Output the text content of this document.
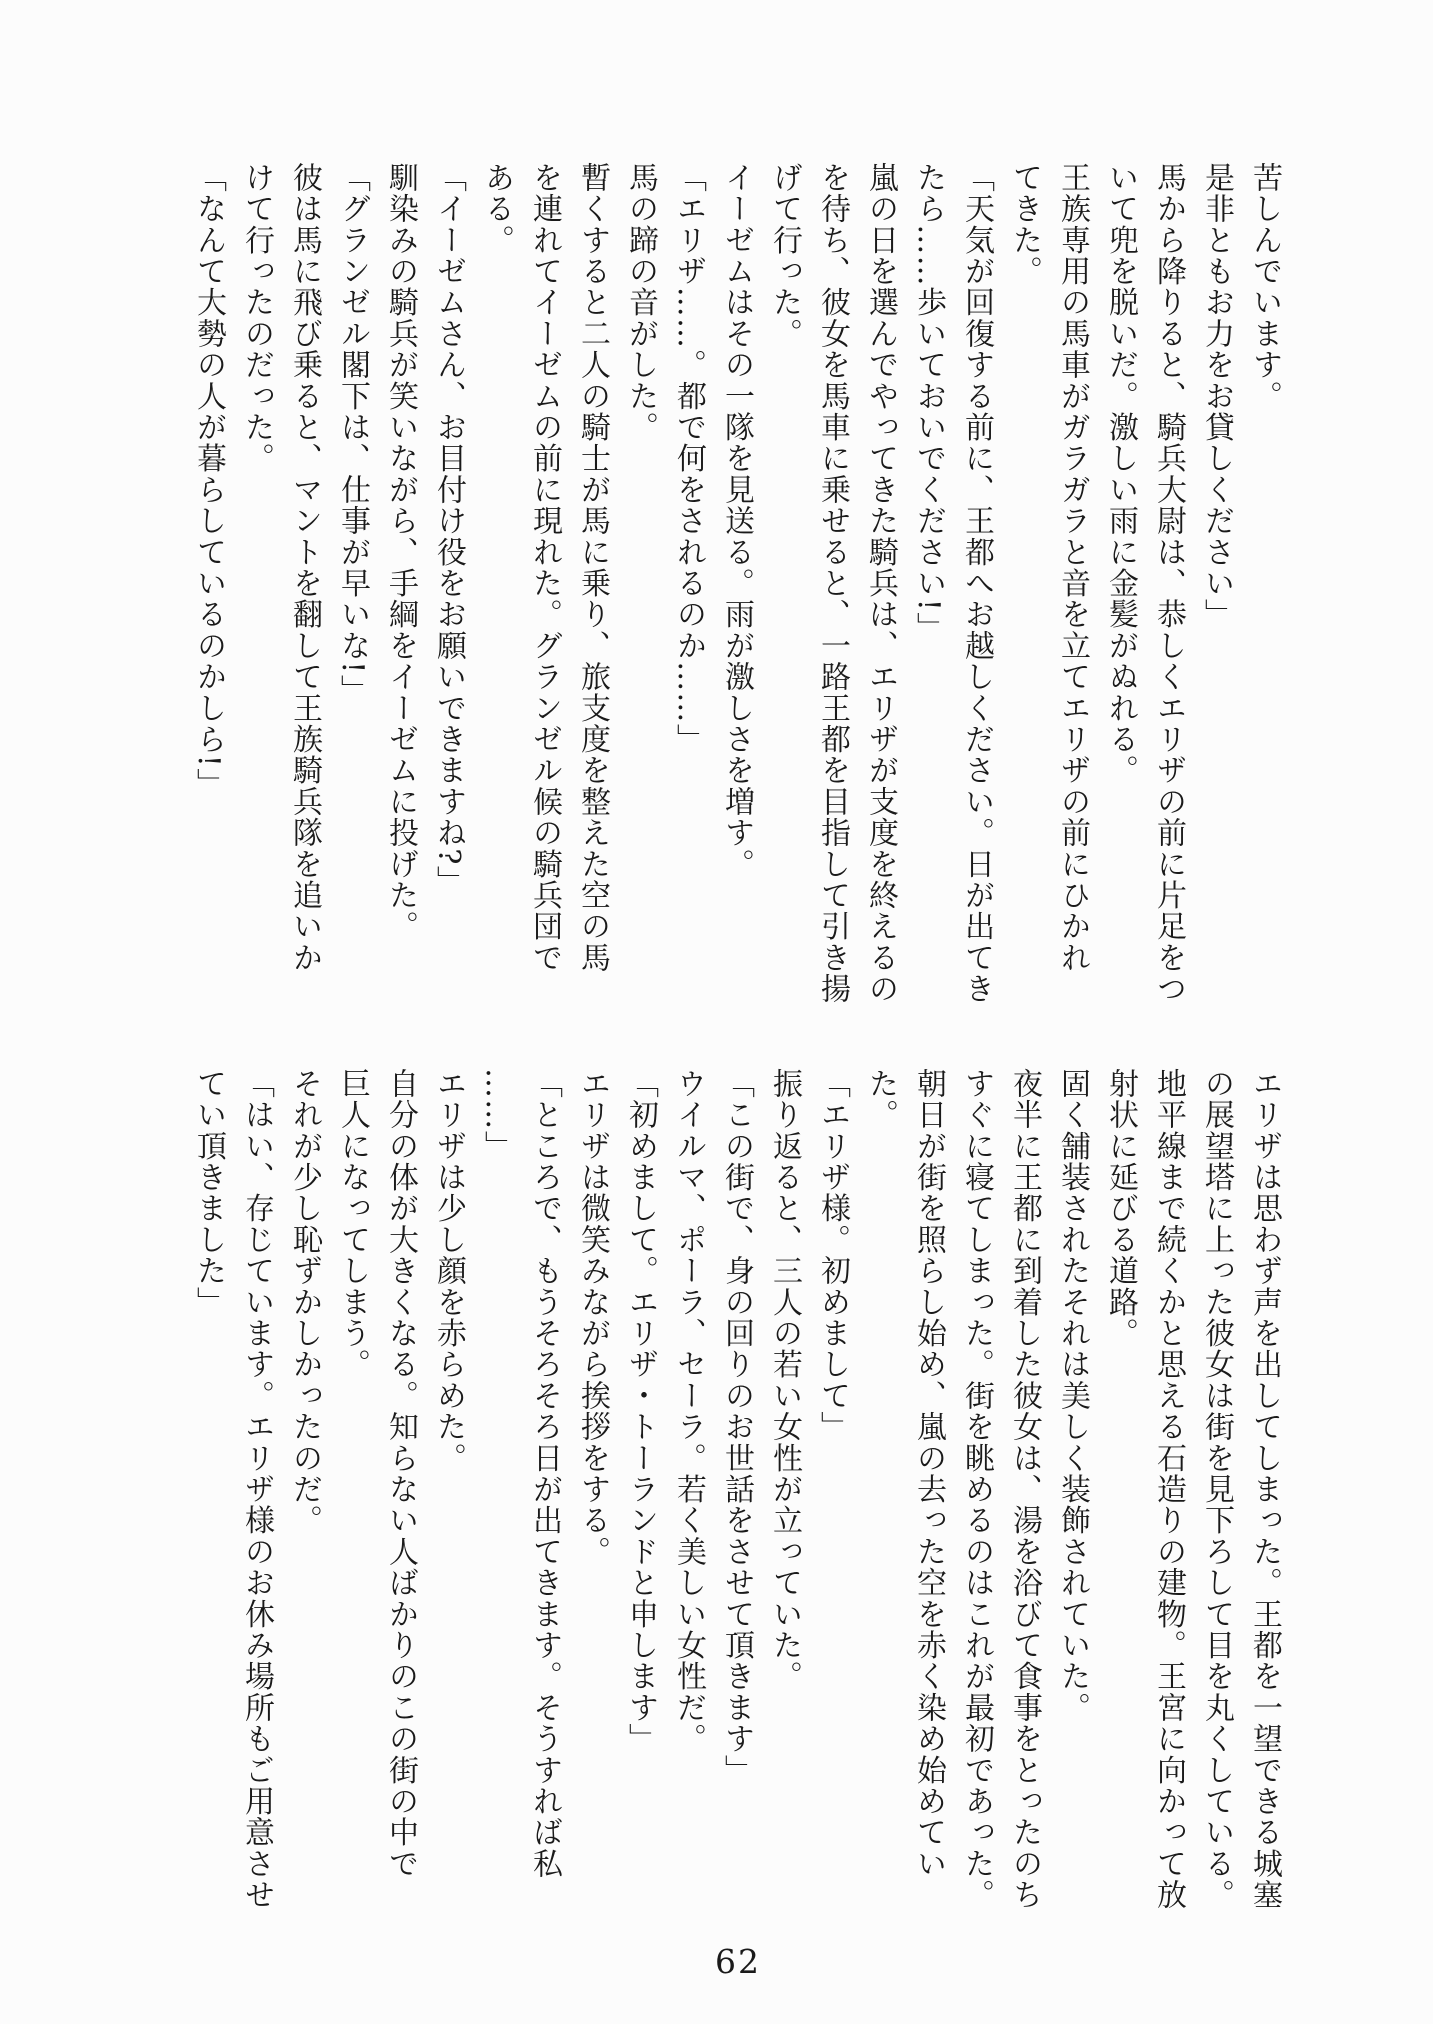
苦しんでいます。
是非ともお力をお貸しください」
馬から降りると、騎兵大尉は、恭しくエリザの前に片足をつ
いて兜を脱いだ。激しい雨に金髪がぬれる。
王族専用の馬車がガラガラと音を立てエリザの前にひかれ
てきた。
「天気が回復する前に、王都へお越しください。日が出てき
たら……歩いておいでください!」
嵐の日を選んでやってきた騎兵は、エリザが支度を終えるの
を待ち、彼女を馬車に乗せると、一路王都を目指して引き揚
げて行った。
イーゼムはその一隊を見送る。雨が激しさを増す。
「エリザ……。都で何をされるのか……」
馬の蹄の音がした。
暫くすると二人の騎士が馬に乗り、旅支度を整えた空の馬
を連れてイーゼムの前に現れた。グランゼル候の騎兵団で
ある。
「イーゼムさん、お目付け役をお願いできますね?」
馴染みの騎兵が笑いながら、手綱をイーゼムに投げた。
「グランゼル閣下は、仕事が早いな!」
彼は馬に飛び乗ると、マントを翻して王族騎兵隊を追いか
けて行ったのだった。
「なんて大勢の人が暮らしているのかしら!」
エリザは思わず声を出してしまった。王都を一望できる城塞
の展望塔に上った彼女は街を見下ろして目を丸くしている。
地平線まで続くかと思える石造りの建物。王宮に向かって放
射状に延びる道路。
固く舗装されたそれは美しく装飾されていた。
夜半に王都に到着した彼女は、湯を浴びて食事をとったのち
すぐに寝てしまった。街を眺めるのはこれが最初であった。
朝日が街を照らし始め、嵐の去った空を赤く染め始めてい
た。
「エリザ様。初めまして」
振り返ると、三人の若い女性が立っていた。
「この街で、身の回りのお世話をさせて頂きます」
ウイルマ、ポーラ、セーラ。若く美しい女性だ。
「初めまして。エリザ・トーランドと申します」
エリザは微笑みながら挨拶をする。
「ところで、もうそろそろ日が出てきます。そうすれば私
……」
エリザは少し顔を赤らめた。
自分の体が大きくなる。知らない人ばかりのこの街の中で
巨人になってしまう。
それが少し恥ずかしかったのだ。
「はい、存じています。エリザ様のお休み場所もご用意させ
てい頂きました」
62
